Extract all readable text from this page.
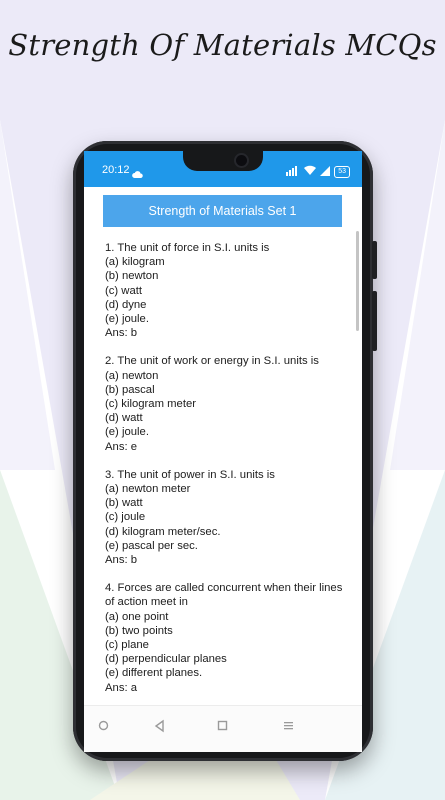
Strength Of Materials MCQs
20:12	53
Strength of Materials Set 1
1. The unit of force in S.I. units is
(a) kilogram
(b) newton
(c) watt
(d) dyne
(e) joule.
Ans: b
2. The unit of work or energy in S.I. units is
(a) newton
(b) pascal
(c) kilogram meter
(d) watt
(e) joule.
Ans: e
3. The unit of power in S.I. units is
(a) newton meter
(b) watt
(c) joule
(d) kilogram meter/sec.
(e) pascal per sec.
Ans: b
4. Forces are called concurrent when their lines of action meet in
(a) one point
(b) two points
(c) plane
(d) perpendicular planes
(e) different planes.
Ans: a
